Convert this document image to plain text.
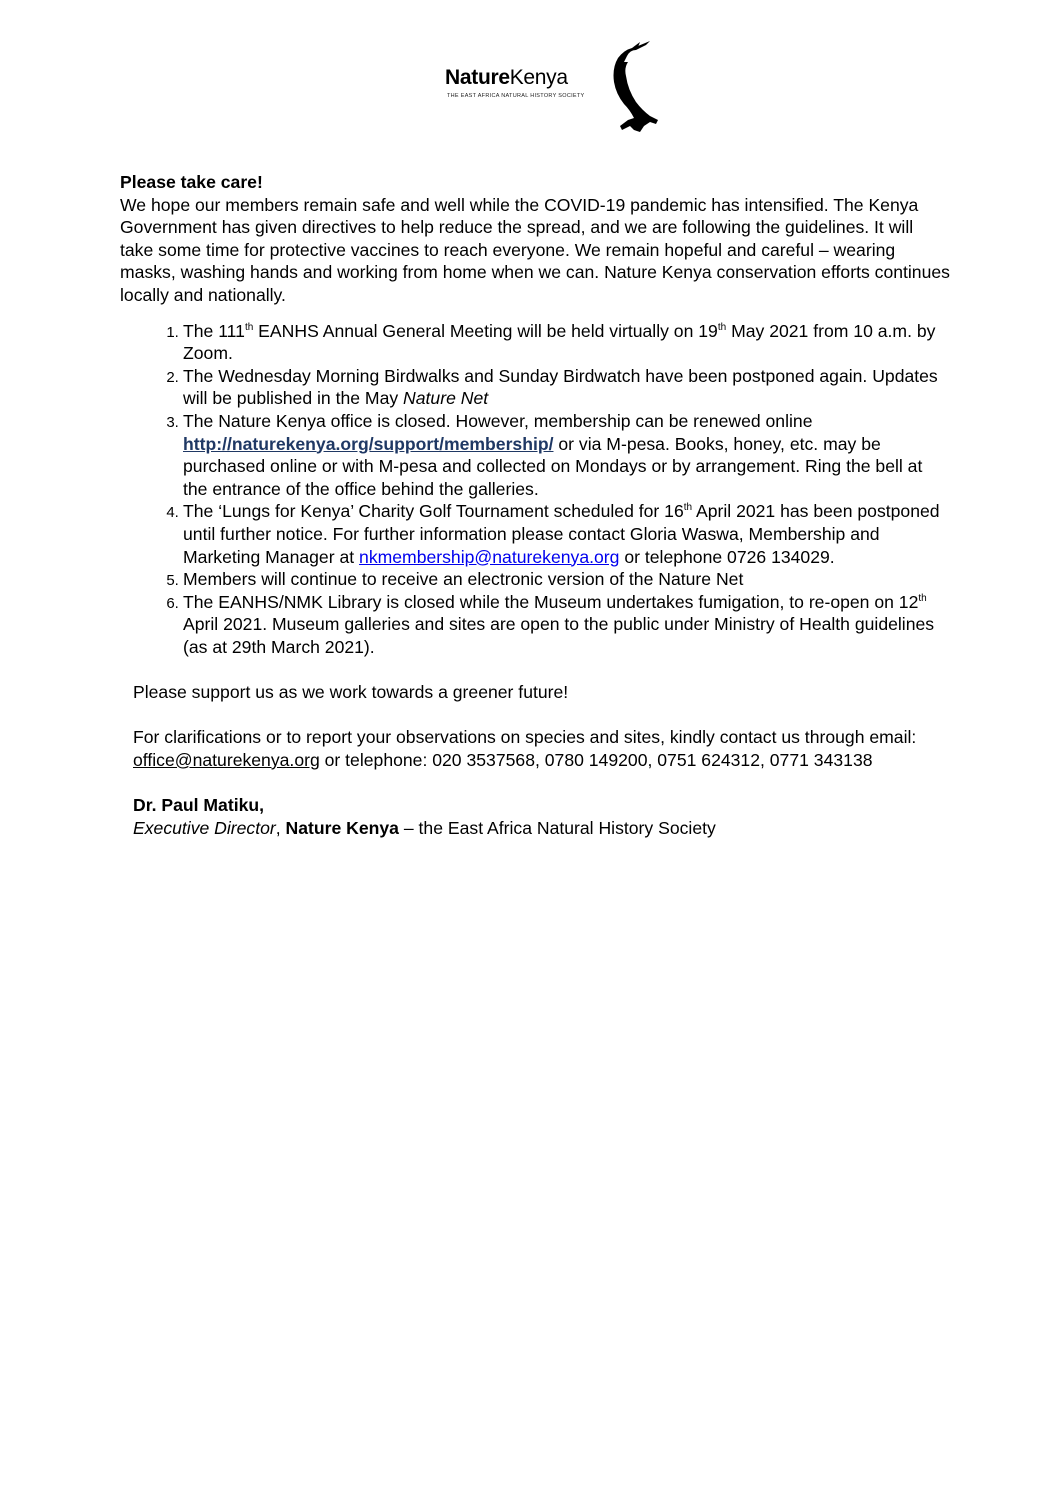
NatureKenya
THE EAST AFRICA NATURAL HISTORY SOCIETY

Please take care!

We hope our members remain safe and well while the COVID-19 pandemic has intensified. The Kenya Government has given directives to help reduce the spread, and we are following the guidelines. It will take some time for protective vaccines to reach everyone. We remain hopeful and careful – wearing masks, washing hands and working from home when we can. Nature Kenya conservation efforts continues locally and nationally.

1. The 111th EANHS Annual General Meeting will be held virtually on 19th May 2021 from 10 a.m. by Zoom.
2. The Wednesday Morning Birdwalks and Sunday Birdwatch have been postponed again. Updates will be published in the May Nature Net
3. The Nature Kenya office is closed. However, membership can be renewed online http://naturekenya.org/support/membership/ or via M-pesa. Books, honey, etc. may be purchased online or with M-pesa and collected on Mondays or by arrangement. Ring the bell at the entrance of the office behind the galleries.
4. The ‘Lungs for Kenya’ Charity Golf Tournament scheduled for 16th April 2021 has been postponed until further notice. For further information please contact Gloria Waswa, Membership and Marketing Manager at nkmembership@naturekenya.org or telephone 0726 134029.
5. Members will continue to receive an electronic version of the Nature Net
6. The EANHS/NMK Library is closed while the Museum undertakes fumigation, to re-open on 12th April 2021. Museum galleries and sites are open to the public under Ministry of Health guidelines (as at 29th March 2021).

Please support us as we work towards a greener future!

For clarifications or to report your observations on species and sites, kindly contact us through email: office@naturekenya.org or telephone: 020 3537568, 0780 149200, 0751 624312, 0771 343138

Dr. Paul Matiku,

Executive Director, Nature Kenya – the East Africa Natural History Society
